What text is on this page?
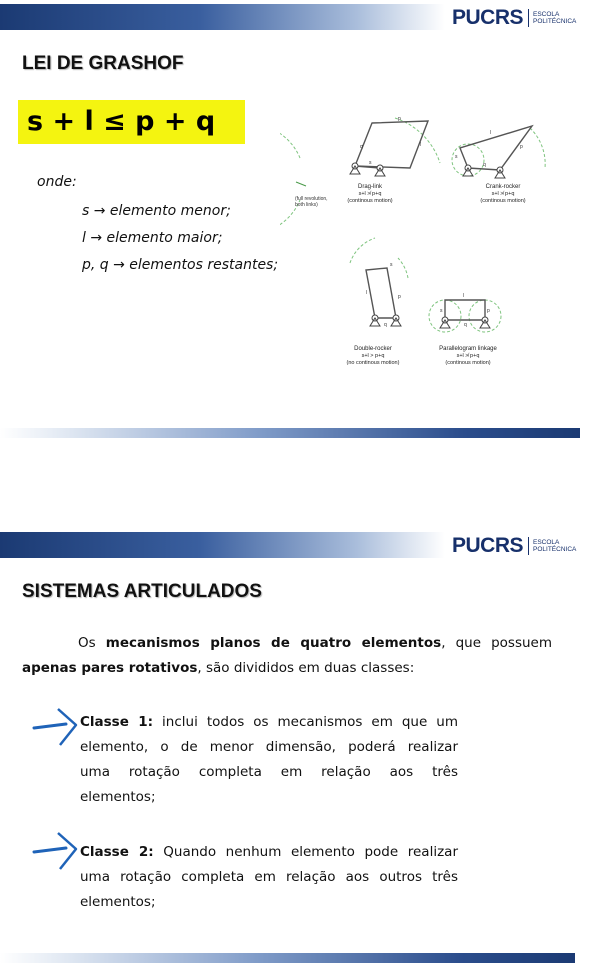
PUCRS ESCOLA
POLITÉCNICA
LEI DE GRASHOF
s + l ≤ p + q
onde:
s → elemento menor;
l → elemento maior;
p, q → elementos restantes;
p
q
s
l
(full revolution,
both links)
Drag-link
s+l ≯ p+q
(continous motion)
s
l
p
q
Crank-rocker
s+l ≯ p+q
(continous motion)
s
l
p
q
Double-rocker
s+l > p+q
(no continous motion)
l
s	p
q
Parallelogram linkage
s+l ≯ p+q
(continous motion)
PUCRS ESCOLA
POLITÉCNICA
SISTEMAS ARTICULADOS
Os mecanismos planos de quatro elementos, que possuem
apenas pares rotativos, são divididos em duas classes:
Classe 1: inclui todos os mecanismos em que um
elemento, o de menor dimensão, poderá realizar
uma rotação completa em relação aos três
elementos;
Classe 2: Quando nenhum elemento pode realizar
uma rotação completa em relação aos outros três
elementos;
